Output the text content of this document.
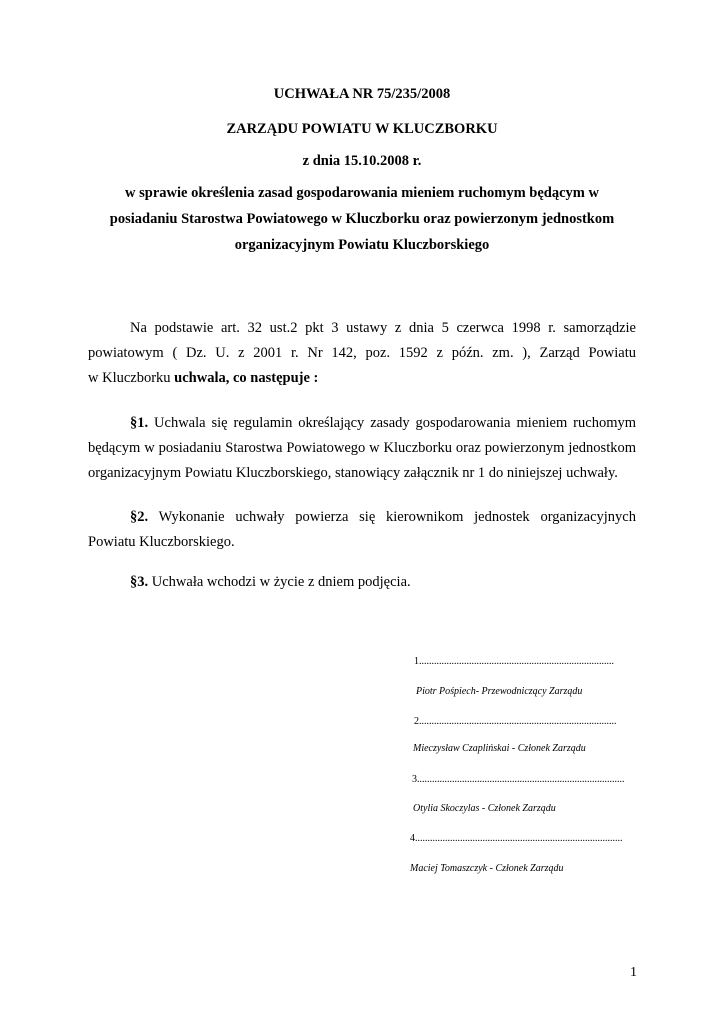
UCHWAŁA NR 75/235/2008
ZARZĄDU POWIATU W KLUCZBORKU
z dnia 15.10.2008 r.
w sprawie określenia zasad gospodarowania mieniem ruchomym będącym w
posiadaniu Starostwa Powiatowego w Kluczborku oraz powierzonym jednostkom
organizacyjnym Powiatu Kluczborskiego
Na podstawie art. 32 ust.2 pkt 3 ustawy z dnia 5 czerwca 1998 r. samorządzie
powiatowym ( Dz. U. z 2001 r. Nr 142, poz. 1592 z późn. zm. ), Zarząd Powiatu
w Kluczborku uchwala, co następuje :
§1. Uchwala się regulamin określający zasady gospodarowania mieniem ruchomym
będącym w posiadaniu Starostwa Powiatowego w Kluczborku oraz powierzonym jednostkom
organizacyjnym Powiatu Kluczborskiego, stanowiący załącznik nr 1 do niniejszej uchwały.
§2. Wykonanie uchwały powierza się kierownikom jednostek organizacyjnych
Powiatu Kluczborskiego.
§3. Uchwała wchodzi w życie z dniem podjęcia.
1..............................................................................
Piotr Pośpiech- Przewodniczący Zarządu
2...............................................................................
Mieczysław Czaplińskai - Członek Zarządu
3...................................................................................
Otylia Skoczylas - Członek Zarządu
4...................................................................................
Maciej Tomaszczyk - Członek Zarządu
1
